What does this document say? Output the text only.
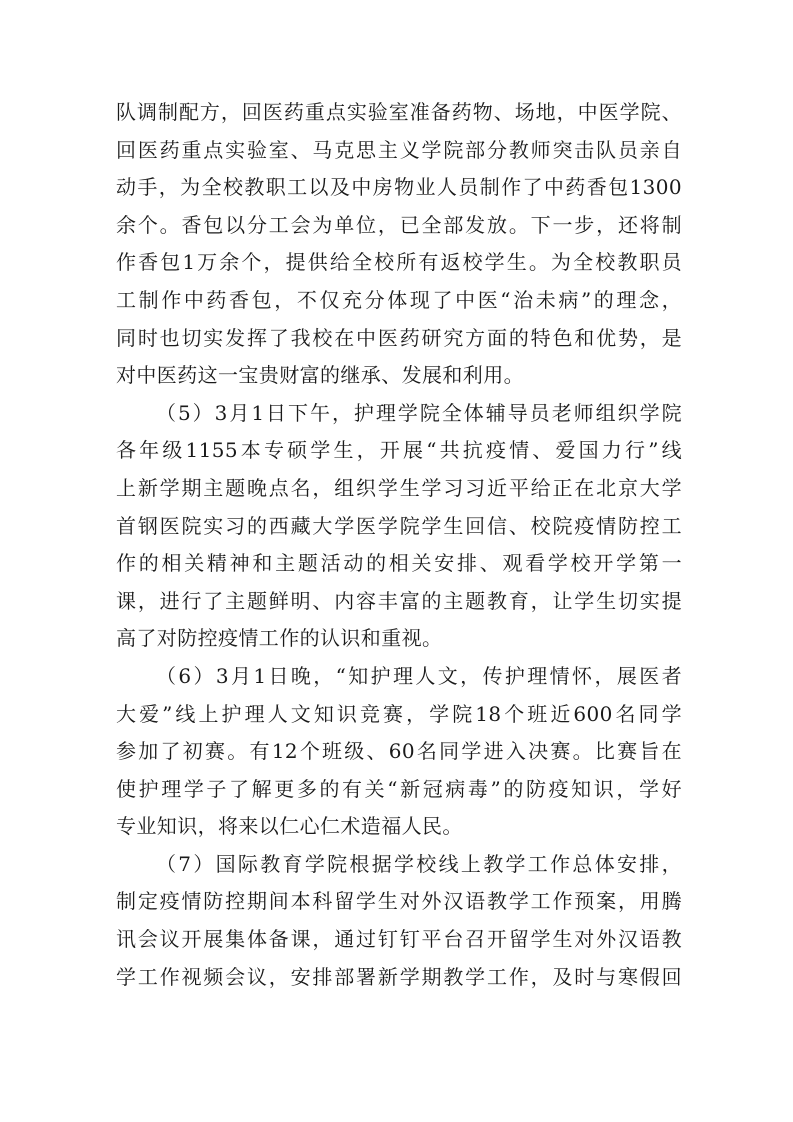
队调制配方，回医药重点实验室准备药物、场地，中医学院、
回医药重点实验室、马克思主义学院部分教师突击队员亲自
动手，为全校教职工以及中房物业人员制作了中药香包1300
余个。香包以分工会为单位，已全部发放。下一步，还将制
作香包1万余个，提供给全校所有返校学生。为全校教职员
工制作中药香包，不仅充分体现了中医“治未病”的理念，
同时也切实发挥了我校在中医药研究方面的特色和优势，是
对中医药这一宝贵财富的继承、发展和利用。
（5）3月1日下午，护理学院全体辅导员老师组织学院
各年级1155本专硕学生，开展“共抗疫情、爱国力行”线
上新学期主题晚点名，组织学生学习习近平给正在北京大学
首钢医院实习的西藏大学医学院学生回信、校院疫情防控工
作的相关精神和主题活动的相关安排、观看学校开学第一
课，进行了主题鲜明、内容丰富的主题教育，让学生切实提
高了对防控疫情工作的认识和重视。
（6）3月1日晚，“知护理人文，传护理情怀，展医者
大爱”线上护理人文知识竞赛，学院18个班近600名同学
参加了初赛。有12个班级、60名同学进入决赛。比赛旨在
使护理学子了解更多的有关“新冠病毒”的防疫知识，学好
专业知识，将来以仁心仁术造福人民。
（7）国际教育学院根据学校线上教学工作总体安排，
制定疫情防控期间本科留学生对外汉语教学工作预案，用腾
讯会议开展集体备课，通过钉钉平台召开留学生对外汉语教
学工作视频会议，安排部署新学期教学工作，及时与寒假回
